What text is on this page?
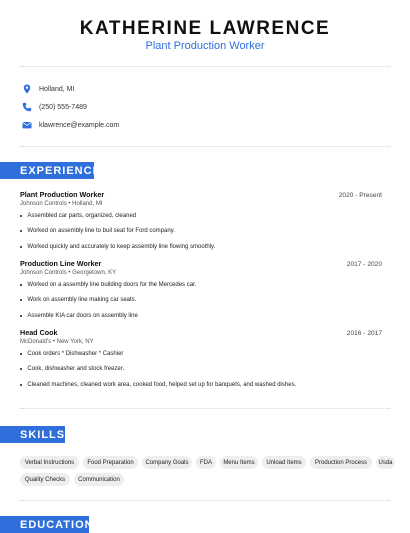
KATHERINE LAWRENCE
Plant Production Worker
Holland, MI
(250) 555-7489
klawrence@example.com
EXPERIENCE
Plant Production Worker	2020 - Present
Johnson Controls • Holland, MI
Assembled car parts, organized, cleaned
Worked on assembly line to buil seat for Ford company.
Worked quickly and accurately to keep assembly line flowing smoothly.
Production Line Worker	2017 - 2020
Johnson Controls • Georgetown, KY
Worked on a assembly line building doors for the Mercedes car.
Work on assembly line making car seats.
Assemble KIA car doors on assembly line
Head Cook	2016 - 2017
McDonald's • New York, NY
Cook orders * Dishwasher * Cashier
Cook, dishwasher and stock freezer.
Cleaned machines, cleaned work area, cooked food, helped set up for banquets, and washed dishes.
SKILLS
Verbal Instructions	Food Preparation	Company Goals	FDA	Menu Items	Unload Items	Production Process	Usda
Quality Checks	Communication
EDUCATION
